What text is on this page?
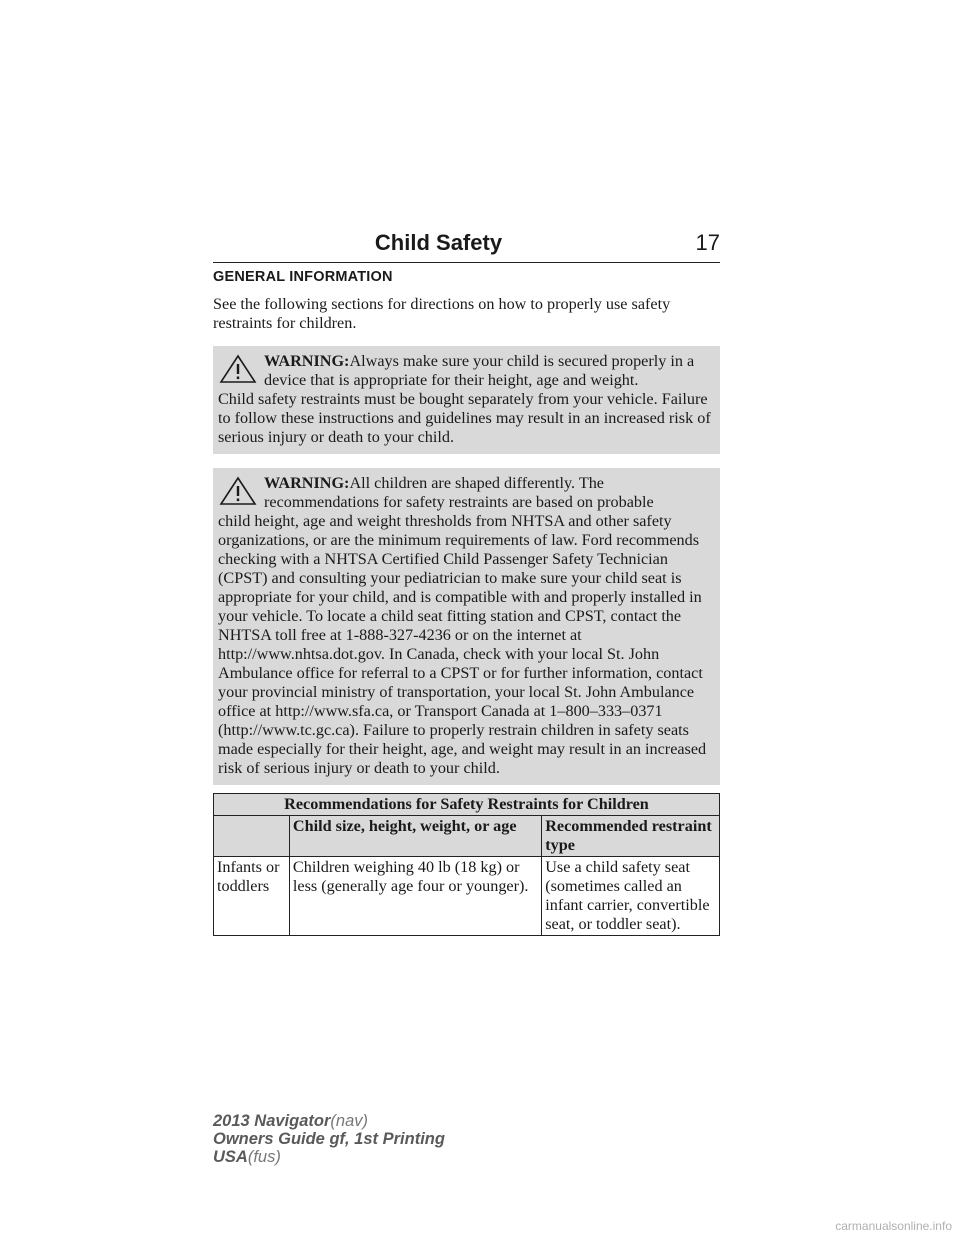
Child Safety	17
GENERAL INFORMATION

See the following sections for directions on how to properly use safety restraints for children.

WARNING:Always make sure your child is secured properly in a device that is appropriate for their height, age and weight.

Child safety restraints must be bought separately from your vehicle. Failure to follow these instructions and guidelines may result in an increased risk of serious injury or death to your child.

WARNING:All children are shaped differently. The recommendations for safety restraints are based on probable

child height, age and weight thresholds from NHTSA and other safety organizations, or are the minimum requirements of law. Ford recommends checking with a NHTSA Certified Child Passenger Safety Technician (CPST) and consulting your pediatrician to make sure your child seat is appropriate for your child, and is compatible with and properly installed in your vehicle. To locate a child seat fitting station and CPST, contact the NHTSA toll free at 1-888-327-4236 or on the internet at http://www.nhtsa.dot.gov. In Canada, check with your local St. John Ambulance office for referral to a CPST or for further information, contact your provincial ministry of transportation, your local St. John Ambulance office at http://www.sfa.ca, or Transport Canada at 1–800–333–0371 (http://www.tc.gc.ca). Failure to properly restrain children in safety seats made especially for their height, age, and weight may result in an increased risk of serious injury or death to your child.

Recommendations for Safety Restraints for Children		
	Child size, height, weight, or age	Recommended restraint type
Infants or toddlers	Children weighing 40 lb (18 kg) or less (generally age four or younger).	Use a child safety seat (sometimes called an infant carrier, convertible seat, or toddler seat).
2013 Navigator(nav)
Owners Guide gf, 1st Printing
USA(fus)
carmanualsonline.info
